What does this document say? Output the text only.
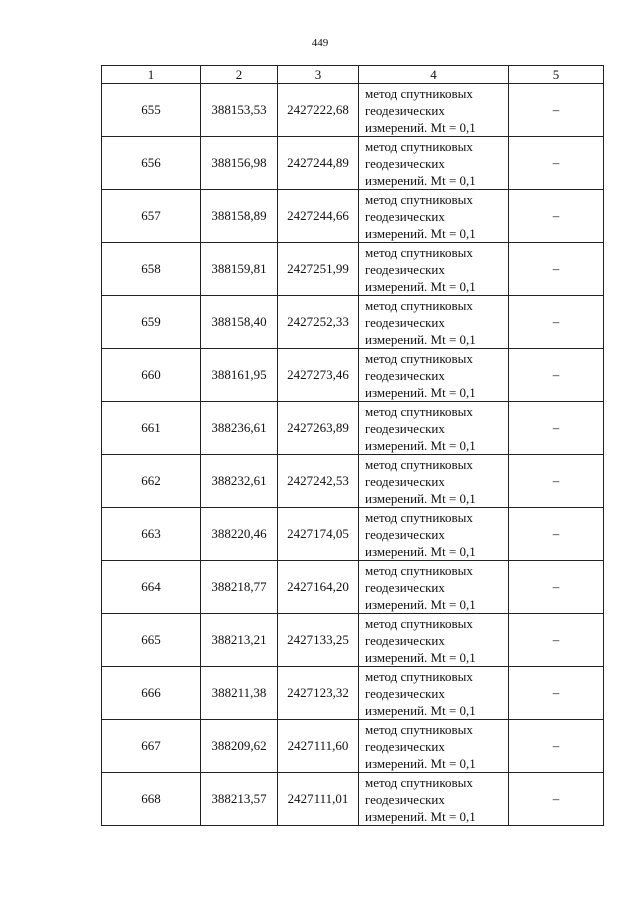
449
1	2	3	4	5
655	388153,53	2427222,68	метод спутниковых
геодезических
измерений. Mt = 0,1	–
656	388156,98	2427244,89	метод спутниковых
геодезических
измерений. Mt = 0,1	–
657	388158,89	2427244,66	метод спутниковых
геодезических
измерений. Mt = 0,1	–
658	388159,81	2427251,99	метод спутниковых
геодезических
измерений. Mt = 0,1	–
659	388158,40	2427252,33	метод спутниковых
геодезических
измерений. Mt = 0,1	–
660	388161,95	2427273,46	метод спутниковых
геодезических
измерений. Mt = 0,1	–
661	388236,61	2427263,89	метод спутниковых
геодезических
измерений. Mt = 0,1	–
662	388232,61	2427242,53	метод спутниковых
геодезических
измерений. Mt = 0,1	–
663	388220,46	2427174,05	метод спутниковых
геодезических
измерений. Mt = 0,1	–
664	388218,77	2427164,20	метод спутниковых
геодезических
измерений. Mt = 0,1	–
665	388213,21	2427133,25	метод спутниковых
геодезических
измерений. Mt = 0,1	–
666	388211,38	2427123,32	метод спутниковых
геодезических
измерений. Mt = 0,1	–
667	388209,62	2427111,60	метод спутниковых
геодезических
измерений. Mt = 0,1	–
668	388213,57	2427111,01	метод спутниковых
геодезических
измерений. Mt = 0,1	–
